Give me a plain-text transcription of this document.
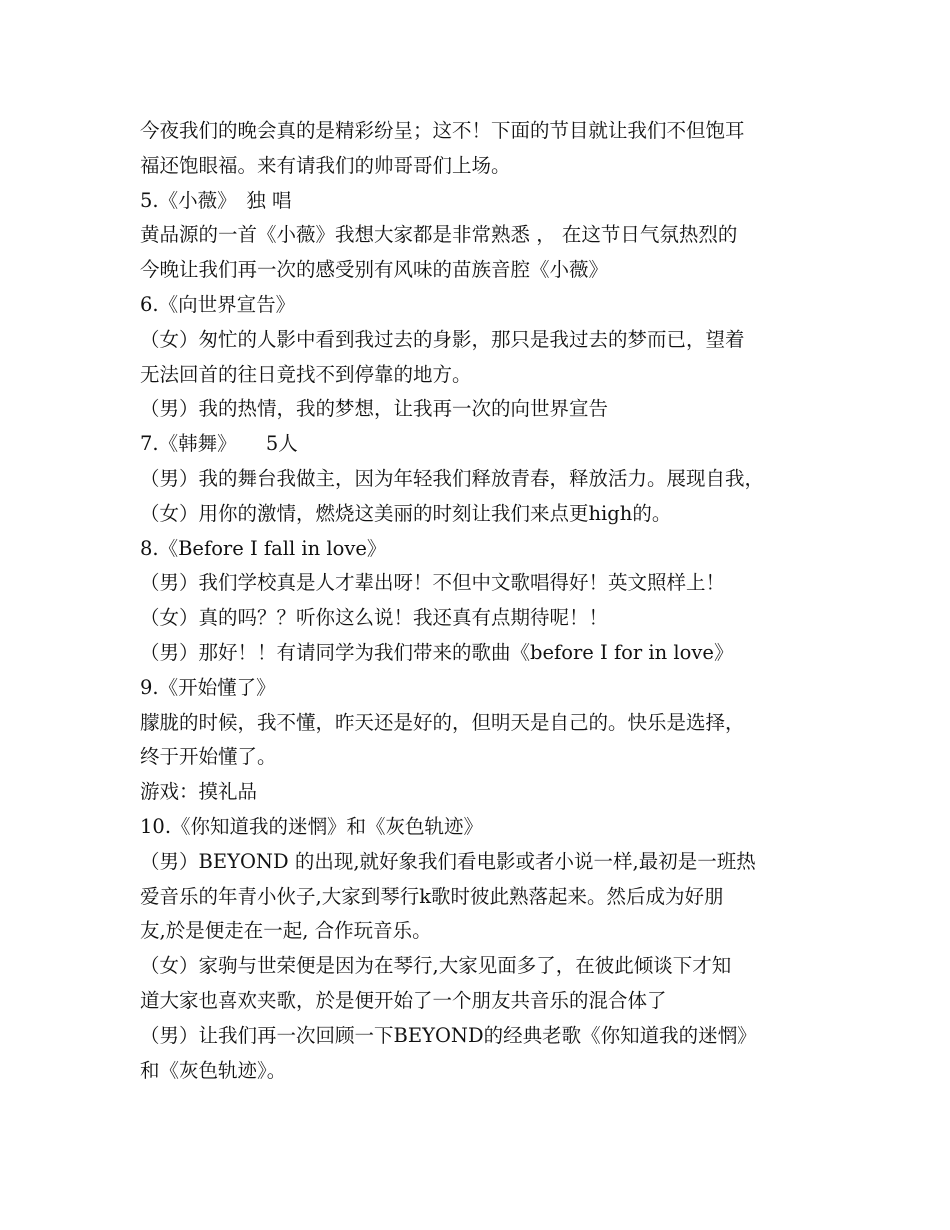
今夜我们的晚会真的是精彩纷呈；这不！下面的节目就让我们不但饱耳
福还饱眼福。来有请我们的帅哥哥们上场。
5.《小薇》　独 唱
黄品源的一首《小薇》我想大家都是非常熟悉 ， 在这节日气氛热烈的
今晚让我们再一次的感受别有风味的苗族音腔《小薇》
6.《向世界宣告》
（女）匆忙的人影中看到我过去的身影，那只是我过去的梦而已，望着
无法回首的往日竟找不到停靠的地方。
（男）我的热情，我的梦想，让我再一次的向世界宣告
7.《韩舞》　　5人
（男）我的舞台我做主，因为年轻我们释放青春，释放活力。展现自我，
（女）用你的激情，燃烧这美丽的时刻让我们来点更high的。
8.《Before I fall in love》
（男）我们学校真是人才辈出呀！不但中文歌唱得好！英文照样上！
（女）真的吗？？听你这么说！我还真有点期待呢！！
（男）那好！！有请同学为我们带来的歌曲《before I for in love》
9.《开始懂了》
朦胧的时候，我不懂，昨天还是好的，但明天是自己的。快乐是选择，
终于开始懂了。
游戏：摸礼品
10.《你知道我的迷惘》和《灰色轨迹》
（男）BEYOND 的出现,就好象我们看电影或者小说一样,最初是一班热
爱音乐的年青小伙子,大家到琴行k歌时彼此熟落起来。然后成为好朋
友,於是便走在一起, 合作玩音乐。
（女）家驹与世荣便是因为在琴行,大家见面多了，在彼此倾谈下才知
道大家也喜欢夹歌，於是便开始了一个朋友共音乐的混合体了
（男）让我们再一次回顾一下BEYOND的经典老歌《你知道我的迷惘》
和《灰色轨迹》。
